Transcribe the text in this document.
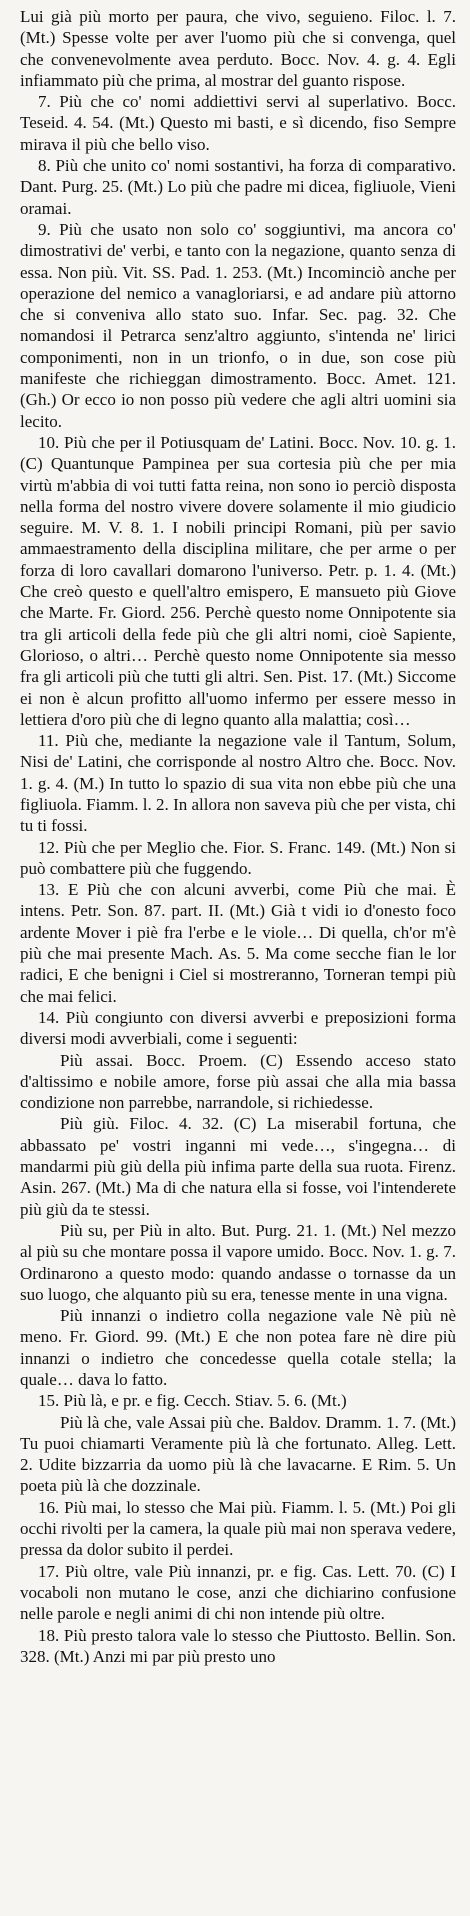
Lui già più morto per paura, che vivo, seguieno. Filoc. l. 7. (Mt.) Spesse volte per aver l'uomo più che si convenga, quel che convenevolmente avea perduto. Bocc. Nov. 4. g. 4. Egli infiammato più che prima, al mostrar del guanto rispose.

7. Più che co' nomi addiettivi servi al superlativo. Bocc. Teseid. 4. 54. (Mt.) Questo mi basti, e sì dicendo, fiso Sempre mirava il più che bello viso.

8. Più che unito co' nomi sostantivi, ha forza di comparativo. Dant. Purg. 25. (Mt.) Lo più che padre mi dicea, figliuole, Vieni oramai.

9. Più che usato non solo co' soggiuntivi, ma ancora co' dimostrativi de' verbi, e tanto con la negazione, quanto senza di essa. Non più. Vit. SS. Pad. 1. 253. (Mt.) Incominciò anche per operazione del nemico a vanagloriarsi, e ad andare più attorno che si conveniva allo stato suo. Infar. Sec. pag. 32. Che nomandosi il Petrarca senz'altro aggiunto, s'intenda ne' lirici componimenti, non in un trionfo, o in due, son cose più manifeste che richieggan dimostramento. Bocc. Amet. 121. (Gh.) Or ecco io non posso più vedere che agli altri uomini sia lecito.

10. Più che per il Potiusquam de' Latini. Bocc. Nov. 10. g. 1. (C) Quantunque Pampinea per sua cortesia più che per mia virtù m'abbia di voi tutti fatta reina, non sono io perciò disposta nella forma del nostro vivere dovere solamente il mio giudicio seguire. M. V. 8. 1. I nobili principi Romani, più per savio ammaestramento della disciplina militare, che per arme o per forza di loro cavallari domarono l'universo. Petr. p. 1. 4. (Mt.) Che creò questo e quell'altro emispero, E mansueto più Giove che Marte. Fr. Giord. 256. Perchè questo nome Onnipotente sia tra gli articoli della fede più che gli altri nomi, cioè Sapiente, Glorioso, o altri… Perchè questo nome Onnipotente sia messo fra gli articoli più che tutti gli altri. Sen. Pist. 17. (Mt.) Siccome ei non è alcun profitto all'uomo infermo per essere messo in lettiera d'oro più che di legno quanto alla malattia; così…

11. Più che, mediante la negazione vale il Tantum, Solum, Nisi de' Latini, che corrisponde al nostro Altro che. Bocc. Nov. 1. g. 4. (M.) In tutto lo spazio di sua vita non ebbe più che una figliuola. Fiamm. l. 2. In allora non saveva più che per vista, chi tu ti fossi.

12. Più che per Meglio che. Fior. S. Franc. 149. (Mt.) Non si può combattere più che fuggendo.

13. E Più che con alcuni avverbi, come Più che mai. È intens. Petr. Son. 87. part. II. (Mt.) Già t vidi io d'onesto foco ardente Mover i piè fra l'erbe e le viole… Di quella, ch'or m'è più che mai presente Mach. As. 5. Ma come secche fian le lor radici, E che benigni i Ciel si mostreranno, Torneran tempi più che mai felici.

14. Più congiunto con diversi avverbi e preposizioni forma diversi modi avverbiali, come i seguenti:

Più assai. Bocc. Proem. (C) Essendo acceso stato d'altissimo e nobile amore, forse più assai che alla mia bassa condizione non parrebbe, narrandole, si richiedesse.

Più giù. Filoc. 4. 32. (C) La miserabil fortuna, che abbassato pe' vostri inganni mi vede…, s'ingegna… di mandarmi più giù della più infima parte della sua ruota. Firenz. Asin. 267. (Mt.) Ma di che natura ella si fosse, voi l'intenderete più giù da te stessi.

Più su, per Più in alto. But. Purg. 21. 1. (Mt.) Nel mezzo al più su che montare possa il vapore umido. Bocc. Nov. 1. g. 7. Ordinarono a questo modo: quando andasse o tornasse da un suo luogo, che alquanto più su era, tenesse mente in una vigna.

Più innanzi o indietro colla negazione vale Nè più nè meno. Fr. Giord. 99. (Mt.) E che non potea fare nè dire più innanzi o indietro che concedesse quella cotale stella; la quale… dava lo fatto.

15. Più là, e pr. e fig. Cecch. Stiav. 5. 6. (Mt.)

Più là che, vale Assai più che. Baldov. Dramm. 1. 7. (Mt.) Tu puoi chiamarti Veramente più là che fortunato. Alleg. Lett. 2. Udite bizzarria da uomo più là che lavacarne. E Rim. 5. Un poeta più là che dozzinale.

16. Più mai, lo stesso che Mai più. Fiamm. l. 5. (Mt.) Poi gli occhi rivolti per la camera, la quale più mai non sperava vedere, pressa da dolor subito il perdei.

17. Più oltre, vale Più innanzi, pr. e fig. Cas. Lett. 70. (C) I vocaboli non mutano le cose, anzi che dichiarino confusione nelle parole e negli animi di chi non intende più oltre.

18. Più presto talora vale lo stesso che Piuttosto. Bellin. Son. 328. (Mt.) Anzi mi par più presto uno
